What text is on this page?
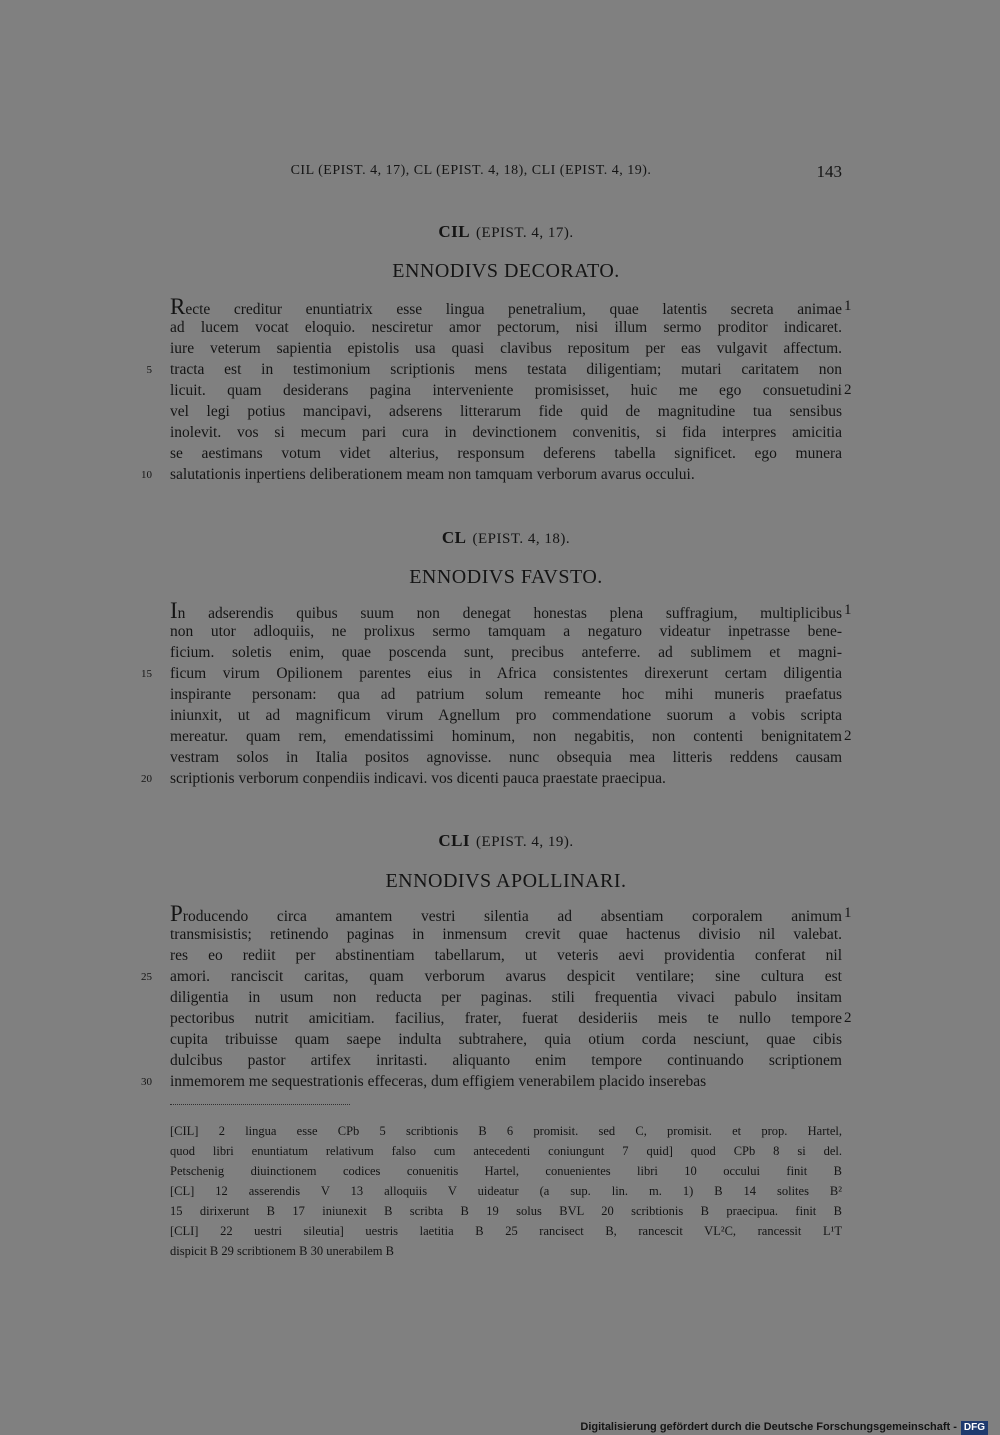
CIL (EPIST. 4, 17), CL (EPIST. 4, 18), CLI (EPIST. 4, 19).	143
CIL (EPIST. 4, 17).
ENNODIVS DECORATO.
Recte creditur enuntiatrix esse lingua penetralium, quae latentis secreta animae 1
ad lucem vocat eloquio. nesciretur amor pectorum, nisi illum sermo proditor indicaret.
iure veterum sapientia epistolis usa quasi clavibus repositum per eas vulgavit affectum.
5 tracta est in testimonium scriptionis mens testata diligentiam; mutari caritatem non
licuit. quam desiderans pagina interveniente promisisset, huic me ego consuetudini 2
vel legi potius mancipavi, adserens litterarum fide quid de magnitudine tua sensibus
inolevit. vos si mecum pari cura in devinctionem convenitis, si fida interpres amicitia
se aestimans votum videt alterius, responsum deferens tabella significet. ego munera
10 salutationis inpertiens deliberationem meam non tamquam verborum avarus occului.
CL (EPIST. 4, 18).
ENNODIVS FAVSTO.
In adserendis quibus suum non denegat honestas plena suffragium, multiplicibus 1
non utor adloquiis, ne prolixus sermo tamquam a negaturo videatur inpetrasse bene-
ficium. soletis enim, quae poscenda sunt, precibus anteferre. ad sublimem et magni-
15 ficum virum Opilionem parentes eius in Africa consistentes direxerunt certam diligentia
inspirante personam: qua ad patrium solum remeante hoc mihi muneris praefatus
iniunxit, ut ad magnificum virum Agnellum pro commendatione suorum a vobis scripta
mereatur. quam rem, emendatissimi hominum, non negabitis, non contenti benignitatem 2
vestram solos in Italia positos agnovisse. nunc obsequia mea litteris reddens causam
20 scriptionis verborum conpendiis indicavi. vos dicenti pauca praestate praecipua.
CLI (EPIST. 4, 19).
ENNODIVS APOLLINARI.
Producendo circa amantem vestri silentia ad absentiam corporalem animum 1
transmisistis; retinendo paginas in inmensum crevit quae hactenus divisio nil valebat.
res eo rediit per abstinentiam tabellarum, ut veteris aevi providentia conferat nil
25 amori. ranciscit caritas, quam verborum avarus despicit ventilare; sine cultura est
diligentia in usum non reducta per paginas. stili frequentia vivaci pabulo insitam
pectoribus nutrit amicitiam. facilius, frater, fuerat desideriis meis te nullo tempore 2
cupita tribuisse quam saepe indulta subtrahere, quia otium corda nesciunt, quae cibis
dulcibus pastor artifex inritasti. aliquanto enim tempore continuando scriptionem
30 inmemorem me sequestrationis effeceras, dum effigiem venerabilem placido inserebas
[CIL] 2 lingua esse CPb 5 scribtionis B 6 promisit. sed C, promisit. et prop. Hartel,
quod libri enuntiatum relativum falso cum antecedenti coniungunt 7 quid] quod CPb 8 si del.
Petschenig diuinctionem codices conuenitis Hartel, conuenientes libri 10 occului finit B
[CL] 12 asserendis V 13 alloquiis V uideatur (a sup. lin. m. 1) B 14 solites B²
15 dirixerunt B 17 iniunexit B scribta B 19 solus BVL 20 scribtionis B praecipua. finit B
[CLI] 22 uestri sileutia] uestris laetitia B 25 rancisect B, rancescit VL²C, rancessit L¹T
dispicit B 29 scribtionem B 30 unerabilem B
Digitalisierung gefördert durch die Deutsche Forschungsgemeinschaft - DFG
